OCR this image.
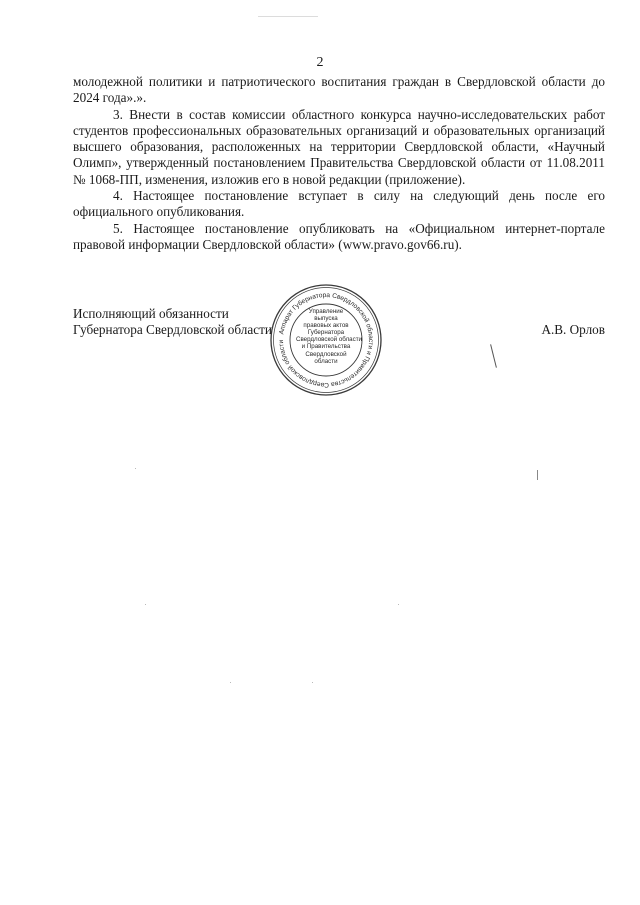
2

молодежной политики и патриотического воспитания граждан в Свердловской области до 2024 года».».

3. Внести в состав комиссии областного конкурса научно-исследовательских работ студентов профессиональных образовательных организаций и образовательных организаций высшего образования, расположенных на территории Свердловской области, «Научный Олимп», утвержденный постановлением Правительства Свердловской области от 11.08.2011 № 1068-ПП, изменения, изложив его в новой редакции (приложение).

4. Настоящее постановление вступает в силу на следующий день после его официального опубликования.

5. Настоящее постановление опубликовать на «Официальном интернет-портале правовой информации Свердловской области» (www.pravo.gov66.ru).

Исполняющий обязанности
Губернатора Свердловской области	А.В. Орлов
Аппарат Губернатора Свердловской области и Правительства Свердловской области
Управление
выпуска
правовых актов
Губернатора
Свердловской области
и Правительства
Свердловской
области
